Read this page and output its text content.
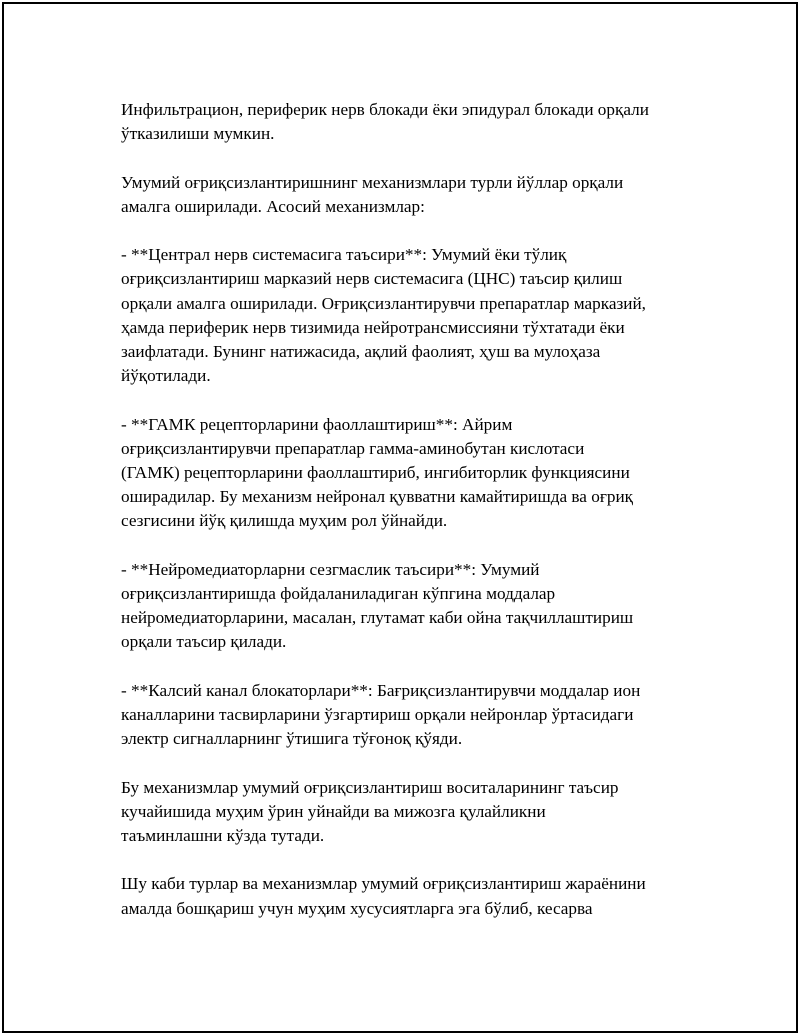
Инфильтрацион, периферик нерв блокади ёки эпидурал блокади орқали
ўтказилиши мумкин.

Умумий оғриқсизлантиришнинг механизмлари турли йўллар орқали
амалга оширилади. Асосий механизмлар:

- **Централ нерв системасига таъсири**: Умумий ёки тўлиқ
оғриқсизлантириш марказий нерв системасига (ЦНС) таъсир қилиш
орқали амалга оширилади. Оғриқсизлантирувчи препаратлар марказий,
ҳамда периферик нерв тизимида нейротрансмиссияни тўхтатади ёки
заифлатади. Бунинг натижасида, ақлий фаолият, ҳуш ва мулоҳаза
йўқотилади.

- **ГАМК рецепторларини фаоллаштириш**: Айрим
оғриқсизлантирувчи препаратлар гамма-аминобутан кислотаси
(ГАМК) рецепторларини фаоллаштириб, ингибиторлик функциясини
оширадилар. Бу механизм нейронал қувватни камайтиришда ва оғриқ
сезгисини йўқ қилишда муҳим рол ўйнайди.

- **Нейромедиаторларни сезгмаслик таъсири**: Умумий
оғриқсизлантиришда фойдаланиладиган кўпгина моддалар
нейромедиаторларини, масалан, глутамат каби ойна тақчиллаштириш
орқали таъсир қилади.

- **Калсий канал блокаторлари**: Бағриқсизлантирувчи моддалар ион
каналларини тасвирларини ўзгартириш орқали нейронлар ўртасидаги
электр сигналларнинг ўтишига тўғоноқ қўяди.

Бу механизмлар умумий оғриқсизлантириш воситаларининг таъсир
кучайишида муҳим ўрин уйнайди ва мижозга қулайликни
таъминлашни кўзда тутади.

Шу каби турлар ва механизмлар умумий оғриқсизлантириш жараёнини
амалда бошқариш учун муҳим хусусиятларга эга бўлиб, кесарва
